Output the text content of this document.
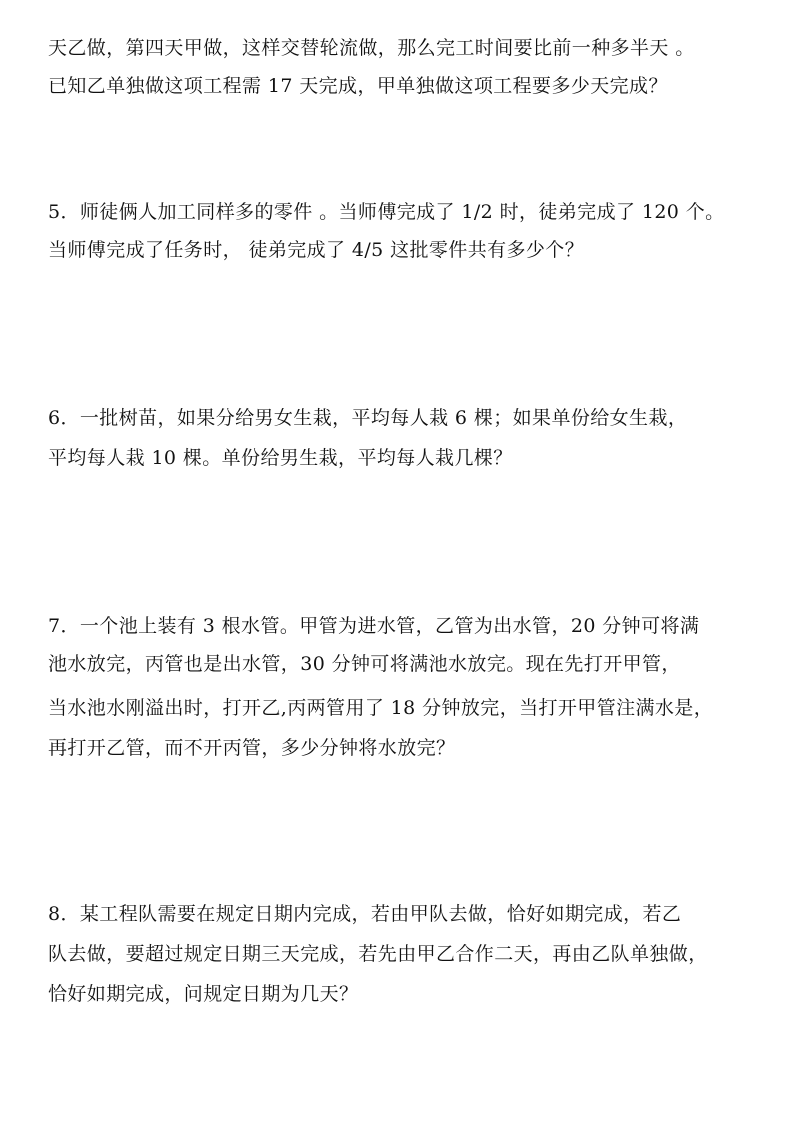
天乙做，第四天甲做，这样交替轮流做，那么完工时间要比前一种多半天 。
已知乙单独做这项工程需 17 天完成，甲单独做这项工程要多少天完成？
5．师徒俩人加工同样多的零件 。当师傅完成了 1/2 时，徒弟完成了 120 个。
当师傅完成了任务时， 徒弟完成了 4/5 这批零件共有多少个？
6．一批树苗，如果分给男女生栽，平均每人栽 6 棵；如果单份给女生栽，
平均每人栽 10 棵。单份给男生栽，平均每人栽几棵？
7．一个池上装有 3 根水管。甲管为进水管，乙管为出水管，20 分钟可将满
池水放完，丙管也是出水管，30 分钟可将满池水放完。现在先打开甲管，
当水池水刚溢出时，打开乙,丙两管用了 18 分钟放完，当打开甲管注满水是，
再打开乙管，而不开丙管，多少分钟将水放完？
8．某工程队需要在规定日期内完成，若由甲队去做，恰好如期完成，若乙
队去做，要超过规定日期三天完成，若先由甲乙合作二天，再由乙队单独做，
恰好如期完成，问规定日期为几天？
